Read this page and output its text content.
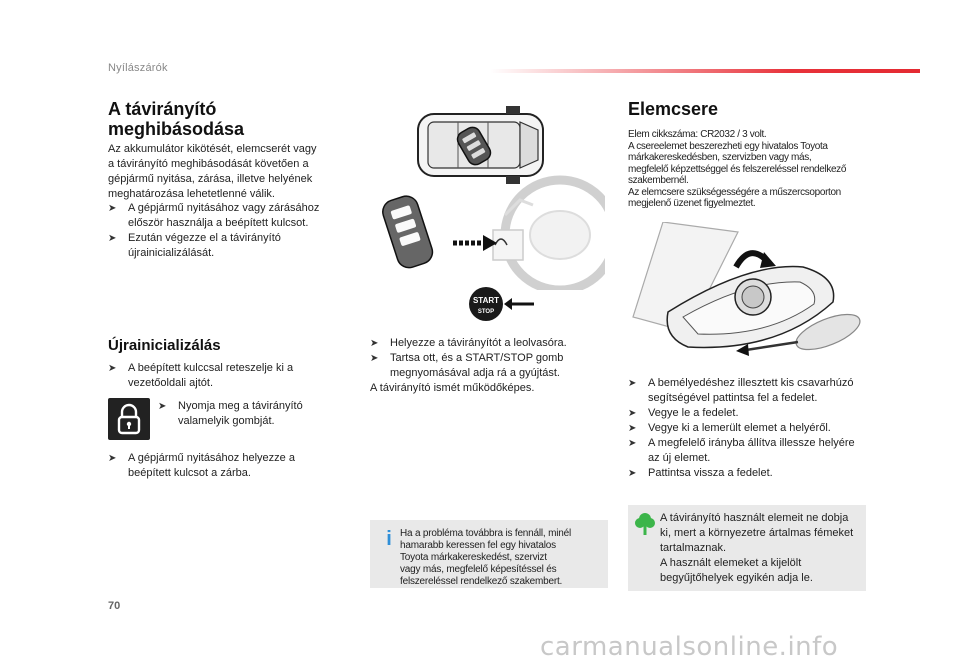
Nyílászárók
A távirányító
meghibásodása

Az akkumulátor kikötését, elemcserét vagy

a távirányító meghibásodását követően a

gépjármű nyitása, zárása, illetve helyének

meghatározása lehetetlenné válik.

➤ A gépjármű nyitásához vagy zárásához
először használja a beépített kulcsot.
➤ Ezután végezze el a távirányító
újrainicializálását.
Újrainicializálás
➤ A beépített kulccsal reteszelje ki a
vezetőoldali ajtót.
➤ Nyomja meg a távirányító
valamelyik gombját.
➤ A gépjármű nyitásához helyezze a
beépített kulcsot a zárba.
START
STOP
➤ Helyezze a távirányítót a leolvasóra.
➤ Tartsa ott, és a START/STOP gomb
megnyomásával adja rá a gyújtást.
A távirányító ismét működőképes.
i Ha a probléma továbbra is fennáll, minél
hamarabb keressen fel egy hivatalos
Toyota márkakereskedést, szervizt
vagy más, megfelelő képesítéssel és
felszereléssel rendelkező szakembert.
Elemcsere
Elem cikkszáma: CR2032 / 3 volt.
A csereelemet beszerezheti egy hivatalos Toyota
márkakereskedésben, szervizben vagy más,
megfelelő képzettséggel és felszereléssel rendelkező
szakembernél.
Az elemcsere szükségességére a műszercsoporton
megjelenő üzenet figyelmeztet.
➤ A bemélyedéshez illesztett kis csavarhúzó
segítségével pattintsa fel a fedelet.
➤ Vegye le a fedelet.
➤ Vegye ki a lemerült elemet a helyéről.
➤ A megfelelő irányba állítva illessze helyére
az új elemet.
➤ Pattintsa vissza a fedelet.
A távirányító használt elemeit ne dobja
ki, mert a környezetre ártalmas fémeket
tartalmaznak.
A használt elemeket a kijelölt
begyűjtőhelyek egyikén adja le.
70
carmanualsonline.info
